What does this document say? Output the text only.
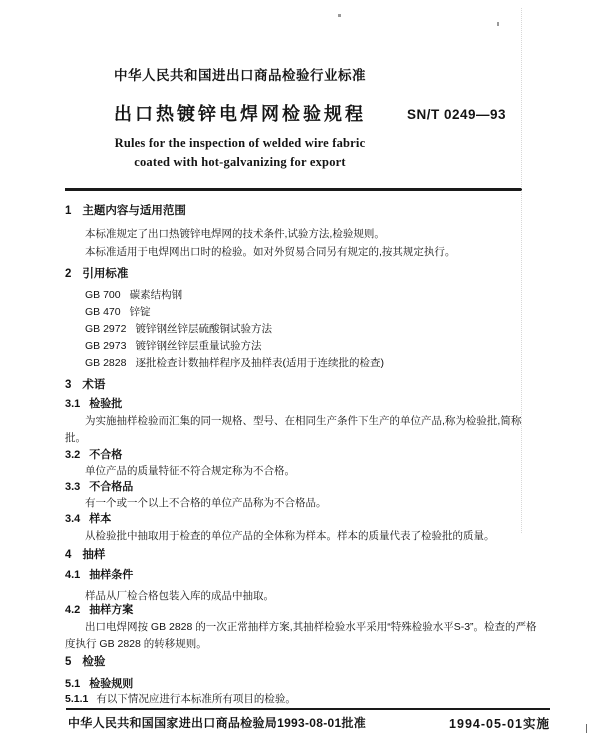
中华人民共和国进出口商品检验行业标准
出口热镀锌电焊网检验规程	SN/T 0249—93
Rules for the inspection of welded wire fabric
coated with hot-galvanizing for export
1 主题内容与适用范围
本标准规定了出口热镀锌电焊网的技术条件,试验方法,检验规则。
本标准适用于电焊网出口时的检验。如对外贸易合同另有规定的,按其规定执行。
2 引用标准
GB 700 碳素结构钢
GB 470 锌锭
GB 2972 镀锌钢丝锌层硫酸铜试验方法
GB 2973 镀锌钢丝锌层重量试验方法
GB 2828 逐批检查计数抽样程序及抽样表(适用于连续批的检查)
3 术语
3.1 检验批
为实施抽样检验而汇集的同一规格、型号、在相同生产条件下生产的单位产品,称为检验批,简称批。
3.2 不合格
单位产品的质量特征不符合规定称为不合格。
3.3 不合格品
有一个或一个以上不合格的单位产品称为不合格品。
3.4 样本
从检验批中抽取用于检查的单位产品的全体称为样本。样本的质量代表了检验批的质量。
4 抽样
4.1 抽样条件
样品从厂检合格包装入库的成品中抽取。
4.2 抽样方案
出口电焊网按 GB 2828 的一次正常抽样方案,其抽样检验水平采用“特殊检验水平S-3”。检查的严格度执行 GB 2828 的转移规则。
5 检验
5.1 检验规则
5.1.1 有以下情况应进行本标准所有项目的检验。
中华人民共和国国家进出口商品检验局1993-08-01批准	1994-05-01实施
